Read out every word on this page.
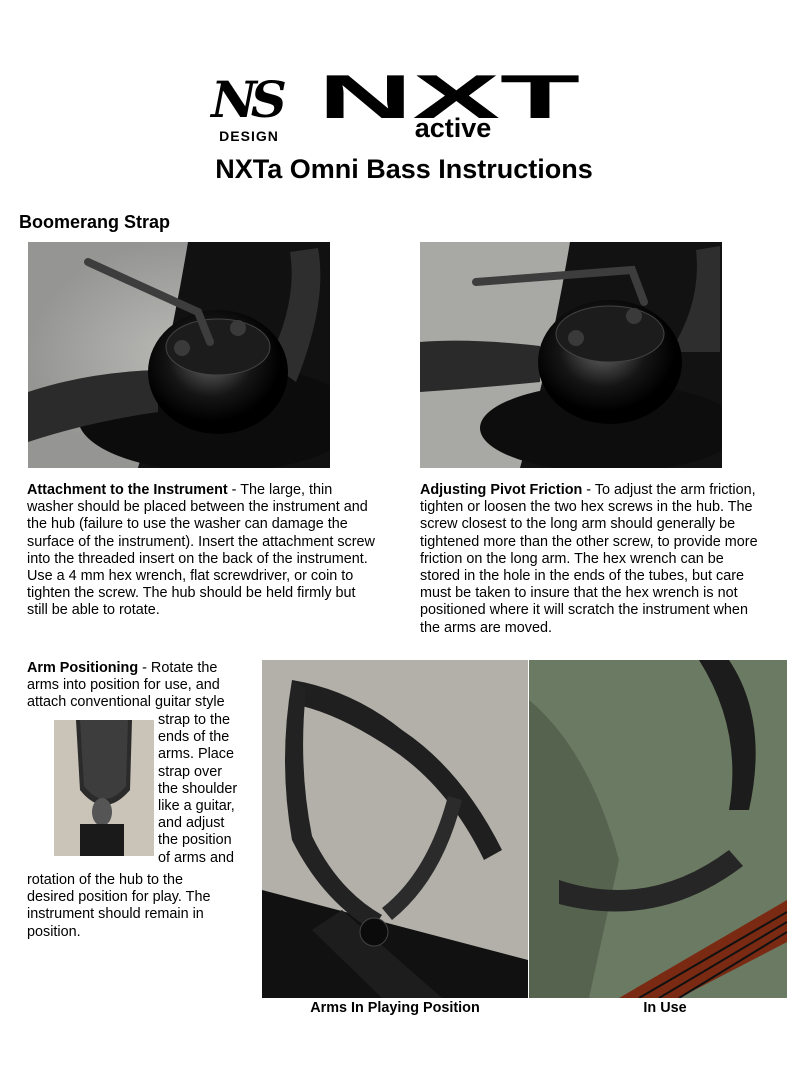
NS
DESIGN
NXT
active
NXTa Omni Bass Instructions
Boomerang Strap
Attachment to the Instrument - The large, thin
washer should be placed between the instrument and
the hub (failure to use the washer can damage the
surface of the instrument). Insert the attachment screw
into the threaded insert on the back of the instrument.
Use a 4 mm hex wrench, flat screwdriver, or coin to
tighten the screw. The hub should be held firmly but
still be able to rotate.
Adjusting Pivot Friction - To adjust the arm friction,
tighten or loosen the two hex screws in the hub. The
screw closest to the long arm should generally be
tightened more than the other screw, to provide more
friction on the long arm. The hex wrench can be
stored in the hole in the ends of the tubes, but care
must be taken to insure that the hex wrench is not
positioned where it will scratch the instrument when
the arms are moved.
Arm Positioning - Rotate the
arms into position for use, and
attach conventional guitar style
strap to the
ends of the
arms. Place
strap over
the shoulder
like a guitar,
and adjust
the position
of arms and
rotation of the hub to the
desired position for play. The
instrument should remain in
position.
Arms In Playing Position	In Use
